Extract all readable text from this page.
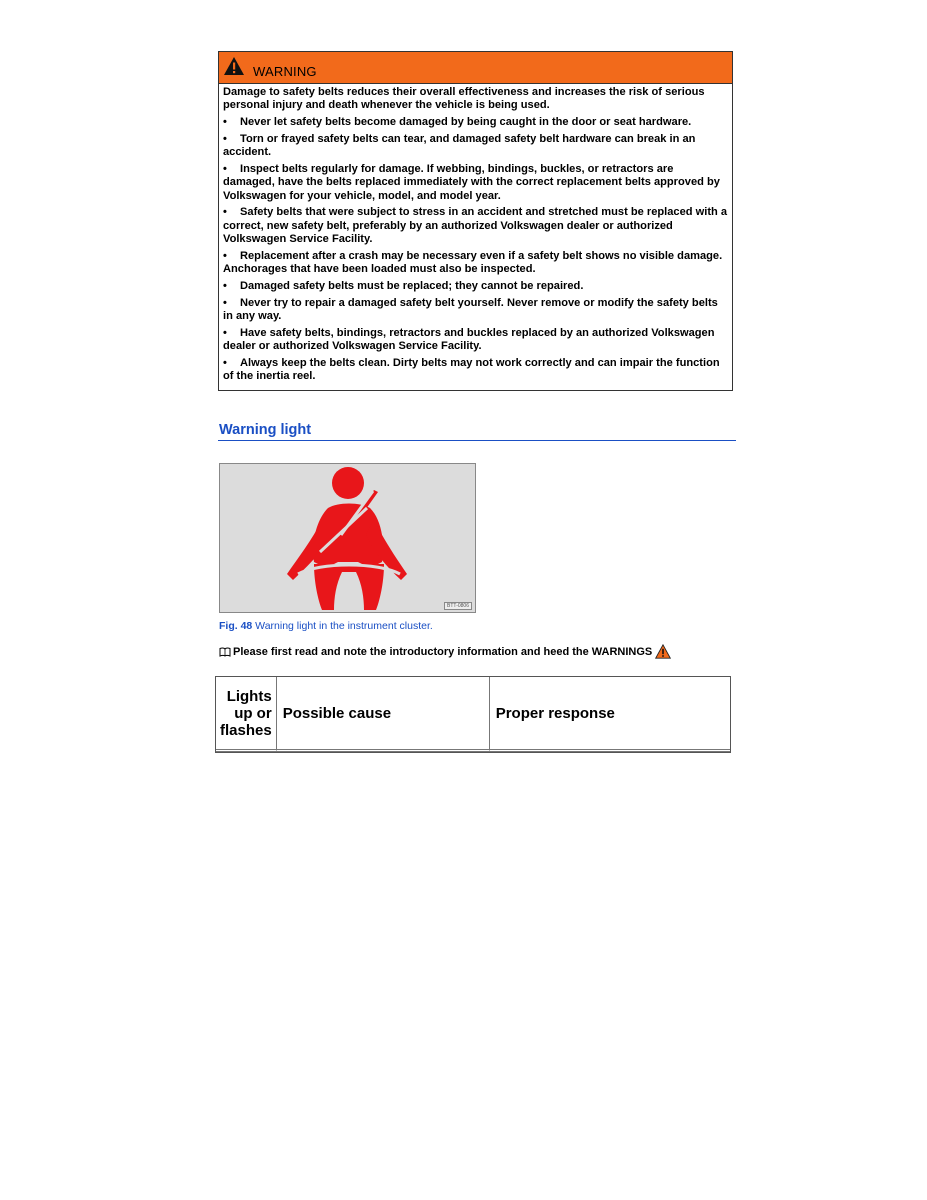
WARNING

Damage to safety belts reduces their overall effectiveness and increases the risk of serious personal injury and death whenever the vehicle is being used.

• Never let safety belts become damaged by being caught in the door or seat hardware.
• Torn or frayed safety belts can tear, and damaged safety belt hardware can break in an accident.
• Inspect belts regularly for damage. If webbing, bindings, buckles, or retractors are damaged, have the belts replaced immediately with the correct replacement belts approved by Volkswagen for your vehicle, model, and model year.
• Safety belts that were subject to stress in an accident and stretched must be replaced with a correct, new safety belt, preferably by an authorized Volkswagen dealer or authorized Volkswagen Service Facility.
• Replacement after a crash may be necessary even if a safety belt shows no visible damage. Anchorages that have been loaded must also be inspected.
• Damaged safety belts must be replaced; they cannot be repaired.
• Never try to repair a damaged safety belt yourself. Never remove or modify the safety belts in any way.
• Have safety belts, bindings, retractors and buckles replaced by an authorized Volkswagen dealer or authorized Volkswagen Service Facility.
• Always keep the belts clean. Dirty belts may not work correctly and can impair the function of the inertia reel.
Warning light
BTT-0806
Fig. 48 Warning light in the instrument cluster.
Please first read and note the introductory information and heed the WARNINGS
Lights up or flashes	Possible cause	Proper response
